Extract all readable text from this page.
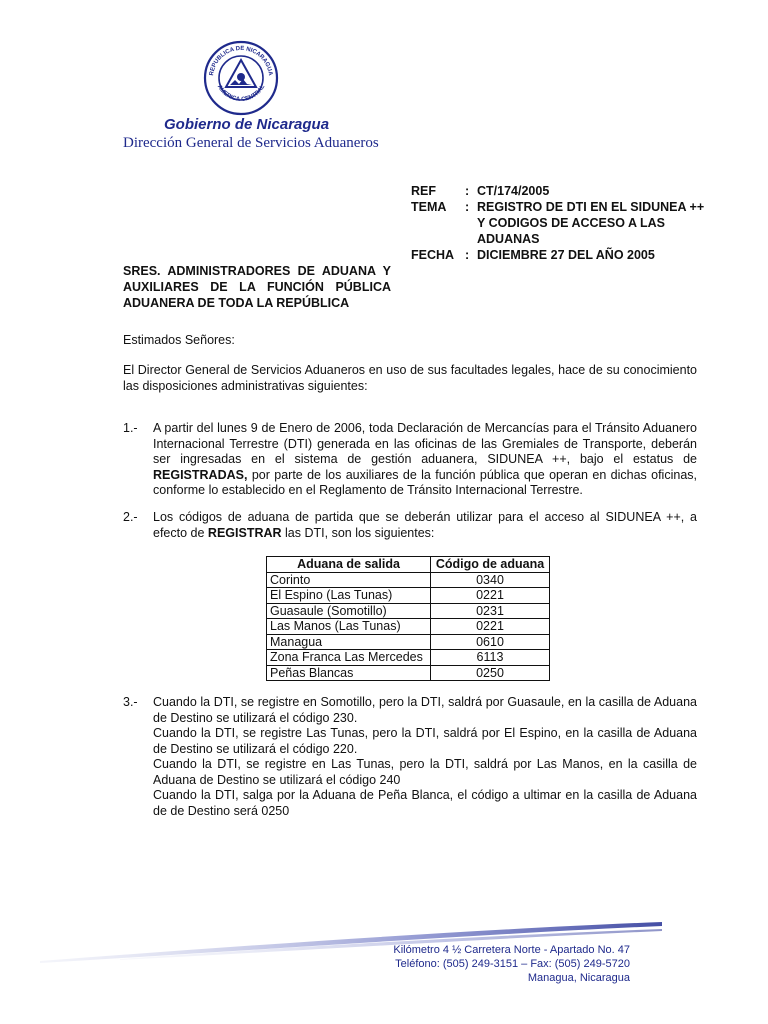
REPUBLICA DE NICARAGUA
AMERICA CENTRAL
Gobierno de Nicaragua
Dirección General de Servicios Aduaneros
REF	: CT/174/2005
TEMA	: REGISTRO DE DTI EN EL SIDUNEA ++ Y CODIGOS DE ACCESO A LAS ADUANAS
FECHA : DICIEMBRE 27 DEL AÑO 2005
SRES. ADMINISTRADORES DE ADUANA Y AUXILIARES DE LA FUNCIÓN PÚBLICA ADUANERA DE TODA LA REPÚBLICA
Estimados Señores:
El Director General de Servicios Aduaneros en uso de sus facultades legales, hace de su conocimiento las disposiciones administrativas siguientes:
1.-	A partir del lunes 9 de Enero de 2006, toda Declaración de Mercancías para el Tránsito Aduanero Internacional Terrestre (DTI) generada en las oficinas de las Gremiales de Transporte, deberán ser ingresadas en el sistema de gestión aduanera, SIDUNEA ++, bajo el estatus de REGISTRADAS, por parte de los auxiliares de la función pública que operan en dichas oficinas, conforme lo establecido en el Reglamento de Tránsito Internacional Terrestre.
2.-	Los códigos de aduana de partida que se deberán utilizar para el acceso al SIDUNEA ++, a efecto de REGISTRAR las DTI, son los siguientes:
Aduana de salida	Código de aduana
Corinto	0340
El Espino (Las Tunas)	0221
Guasaule (Somotillo)	0231
Las Manos (Las Tunas)	0221
Managua	0610
Zona Franca Las Mercedes	6113
Peñas Blancas	0250
3.-	Cuando la DTI, se registre en Somotillo, pero la DTI, saldrá por Guasaule, en la casilla de Aduana de Destino se utilizará el código 230.
Cuando la DTI, se registre Las Tunas, pero la DTI, saldrá por El Espino, en la casilla de Aduana de Destino se utilizará el código 220.
Cuando la DTI, se registre en Las Tunas, pero la DTI, saldrá por Las Manos, en la casilla de Aduana de Destino se utilizará el código 240
Cuando la DTI, salga por la Aduana de Peña Blanca, el código a ultimar en la casilla de Aduana de de Destino será 0250
Kilómetro 4 ½ Carretera Norte - Apartado No. 47
Teléfono: (505) 249-3151 – Fax: (505) 249-5720
Managua, Nicaragua
